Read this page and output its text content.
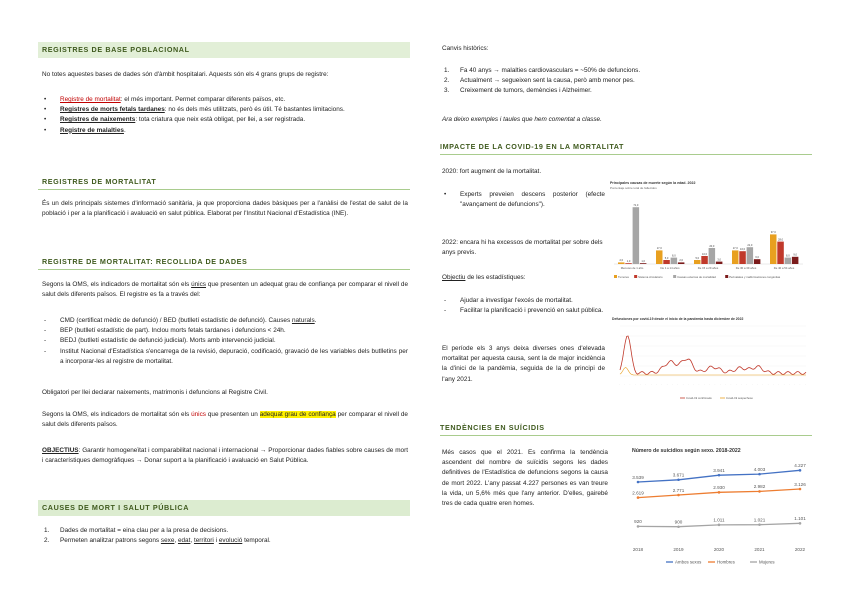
REGISTRES DE BASE POBLACIONAL
No totes aquestes bases de dades són d'àmbit hospitalari. Aquests són els 4 grans grups de registre:
• Registre de mortalitat: el més important. Permet comparar diferents països, etc.
• Registres de morts fetals tardanes: no és dels més utilitzats, però és útil. Té bastantes limitacions.
• Registres de naixements: tota criatura que neix està obligat, per llei, a ser registrada.
• Registre de malalties.
REGISTRES DE MORTALITAT
És un dels principals sistemes d'informació sanitària, ja que proporciona dades bàsiques per a l'anàlisi de l'estat de salut de la població i per a la planificació i avaluació en salut pública. Elaborat per l'Institut Nacional d'Estadística (INE).
REGISTRE DE MORTALITAT: RECOLLIDA DE DADES
Segons la OMS, els indicadors de mortalitat són els únics que presenten un adequat grau de confiança per comparar el nivell de salut dels diferents països. El registre es fa a través del:
- CMD (certificat mèdic de defunció) / BED (butlletí estadístic de defunció). Causes naturals.
- BEP (butlletí estadístic de part). Inclou morts fetals tardanes i defuncions < 24h.
- BEDJ (butlletí estadístic de defunció judicial). Morts amb intervenció judicial.
- Institut Nacional d'Estadística s'encarrega de la revisió, depuració, codificació, gravació de les variables dels butlletins per a incorporar-les al registre de mortalitat.
Obligatori per llei declarar naixements, matrimonis i defuncions al Registre Civil.
Segons la OMS, els indicadors de mortalitat són els únics que presenten un adequat grau de confiança per comparar el nivell de salut dels diferents països.
OBJECTIUS: Garantir homogeneïtat i comparabilitat nacional i internacional → Proporcionar dades fiables sobre causes de mort i característiques demogràfiques → Donar suport a la planificació i avaluació en Salut Pública.
CAUSES DE MORT I SALUT PÚBLICA
1. Dades de mortalitat = eina clau per a la presa de decisions.
2. Permeten analitzar patrons segons sexe, edat, territori i evolució temporal.
Canvis històrics:
1. Fa 40 anys → malalties cardiovasculars = ~50% de defuncions.
2. Actualment → segueixen sent la causa, però amb menor pes.
3. Creixement de tumors, demències i Alzheimer.
Ara deixo exemples i taules que hem comentat a classe.
IMPACTE DE LA COVID-19 EN LA MORTALITAT
2020: fort augment de la mortalitat.
• Experts preveien descens posterior (efecte "avançament de defuncions").
2022: encara hi ha excessos de mortalitat per sobre dels anys previs.
Objectiu de les estadístiques:
- Ajudar a investigar l'excés de mortalitat.
- Facilitar la planificació i prevenció en salut pública.
El període els 3 anys deixa diverses ones d'elevada mortalitat per aquesta causa, sent la de major incidència la d'inici de la pandèmia, seguida de la de principi de l'any 2021.
Principales causas de muerte según la edad. 2022
Porcentaje sobre total de fallecidos
2,0 1,0
71,0
1,0
Menores de 1 año
17,0
5,0
8,0
2,0
De 1 a 14 años
5,0
10,0
20,0
3,0
De 15 a 29 años
17,0 16,0
21,0
6,0
De 30 a 39 años
37,0
28,0
8,0 9,0
De 40 a 54 años
Tumores	Sistema circulatorio	Causas externas de mortalidad	Perinatales y malformaciones congénitas
Defunciones por covid-19 desde el inicio de la pandemia hasta diciembre de 2022
· · · · · · · · · · · · · · · · · · · · · · · · · · · · · · · · · · · ·
Covid-19 confirmado	Covid-19 sospechoso
TENDÈNCIES EN SUÏCIDIS
Més casos que el 2021. Es confirma la tendència ascendent del nombre de suïcidis segons les dades definitives de l'Estadística de defuncions segons la causa de mort 2022. L'any passat 4.227 persones es van treure la vida, un 5,6% més que l'any anterior. D'elles, gairebé tres de cada quatre eren homes.
Número de suicidios según sexo. 2018-2022
3.539	3.671
3.941	4.003
4.227
2.619
2.771
2.930	2.982	3.126
920	900	1.011	1.021	1.101
2018	2019	2020	2021	2022
Ambos sexos	Hombres	Mujeres
